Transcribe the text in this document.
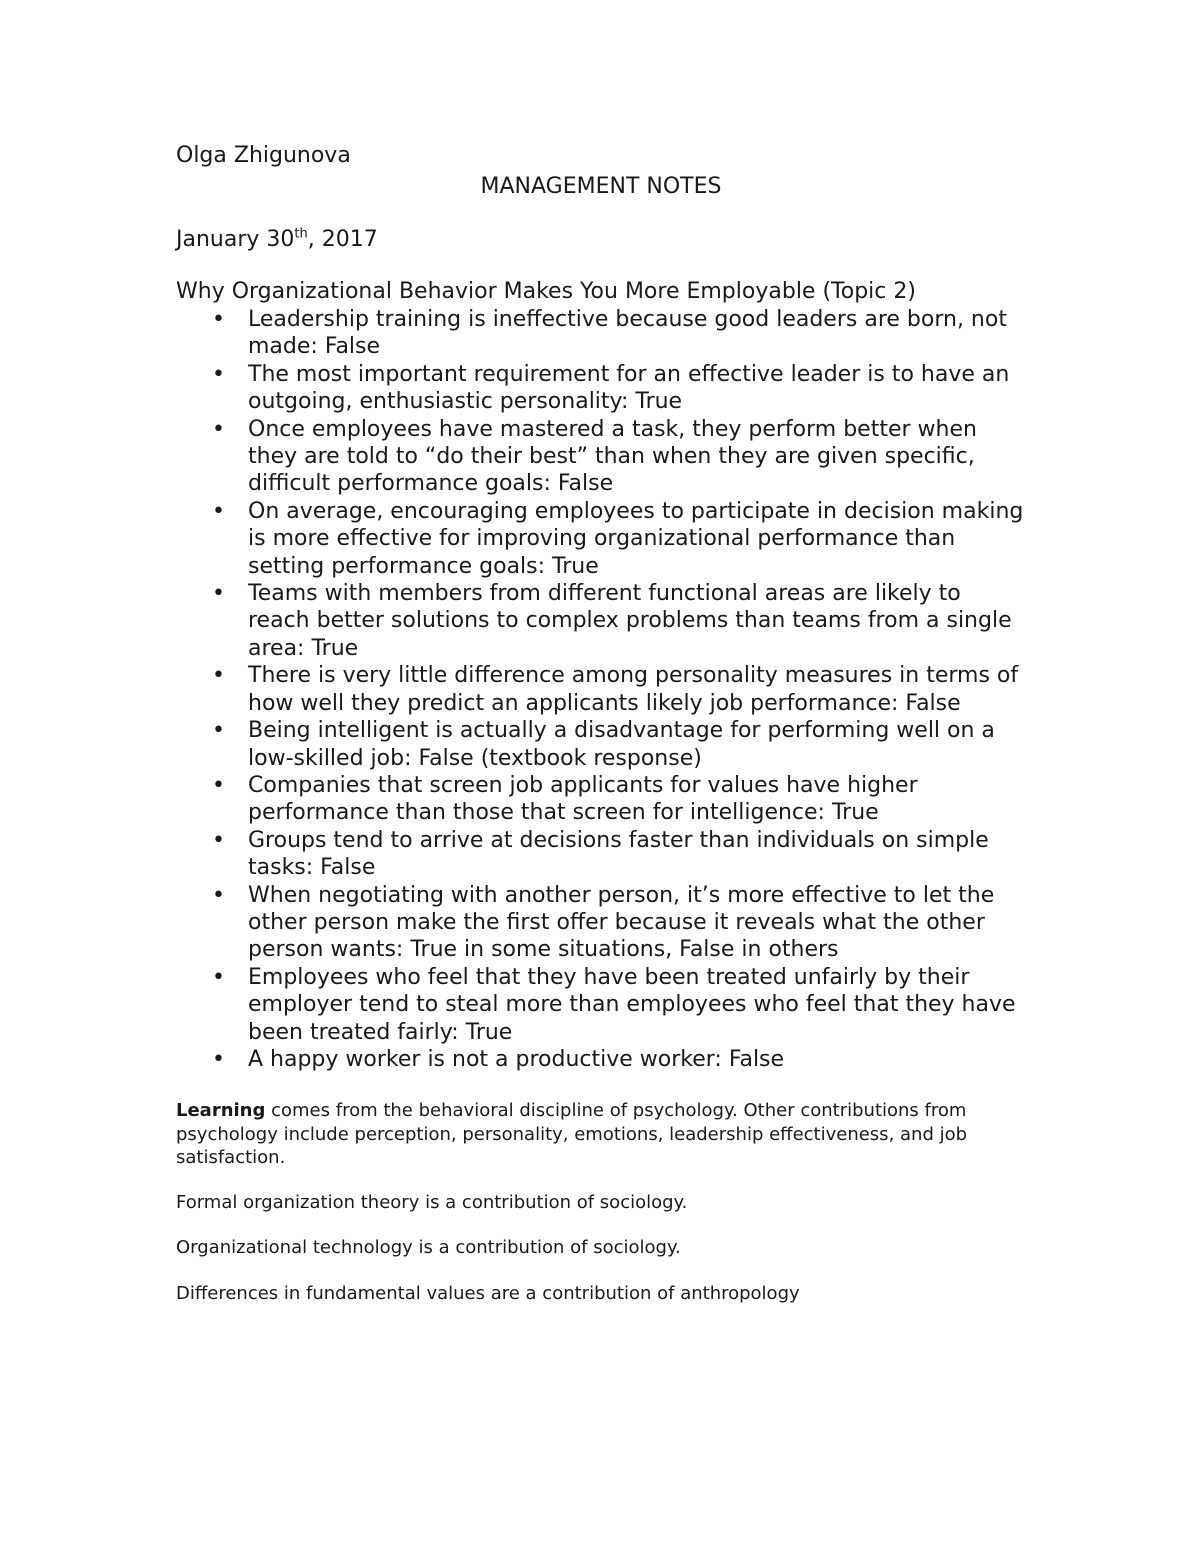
Olga Zhigunova

MANAGEMENT NOTES

January 30th, 2017

Why Organizational Behavior Makes You More Employable (Topic 2)

• Leadership training is ineffective because good leaders are born, not made: False
• The most important requirement for an effective leader is to have an outgoing, enthusiastic personality: True
• Once employees have mastered a task, they perform better when they are told to “do their best” than when they are given specific, difficult performance goals: False
• On average, encouraging employees to participate in decision making is more effective for improving organizational performance than setting performance goals: True
• Teams with members from different functional areas are likely to reach better solutions to complex problems than teams from a single area: True
• There is very little difference among personality measures in terms of how well they predict an applicants likely job performance: False
• Being intelligent is actually a disadvantage for performing well on a low-skilled job: False (textbook response)
• Companies that screen job applicants for values have higher performance than those that screen for intelligence: True
• Groups tend to arrive at decisions faster than individuals on simple tasks: False
• When negotiating with another person, it’s more effective to let the other person make the first offer because it reveals what the other person wants: True in some situations, False in others
• Employees who feel that they have been treated unfairly by their employer tend to steal more than employees who feel that they have been treated fairly: True
• A happy worker is not a productive worker: False

Learning comes from the behavioral discipline of psychology. Other contributions from psychology include perception, personality, emotions, leadership effectiveness, and job satisfaction.

Formal organization theory is a contribution of sociology.

Organizational technology is a contribution of sociology.

Differences in fundamental values are a contribution of anthropology
